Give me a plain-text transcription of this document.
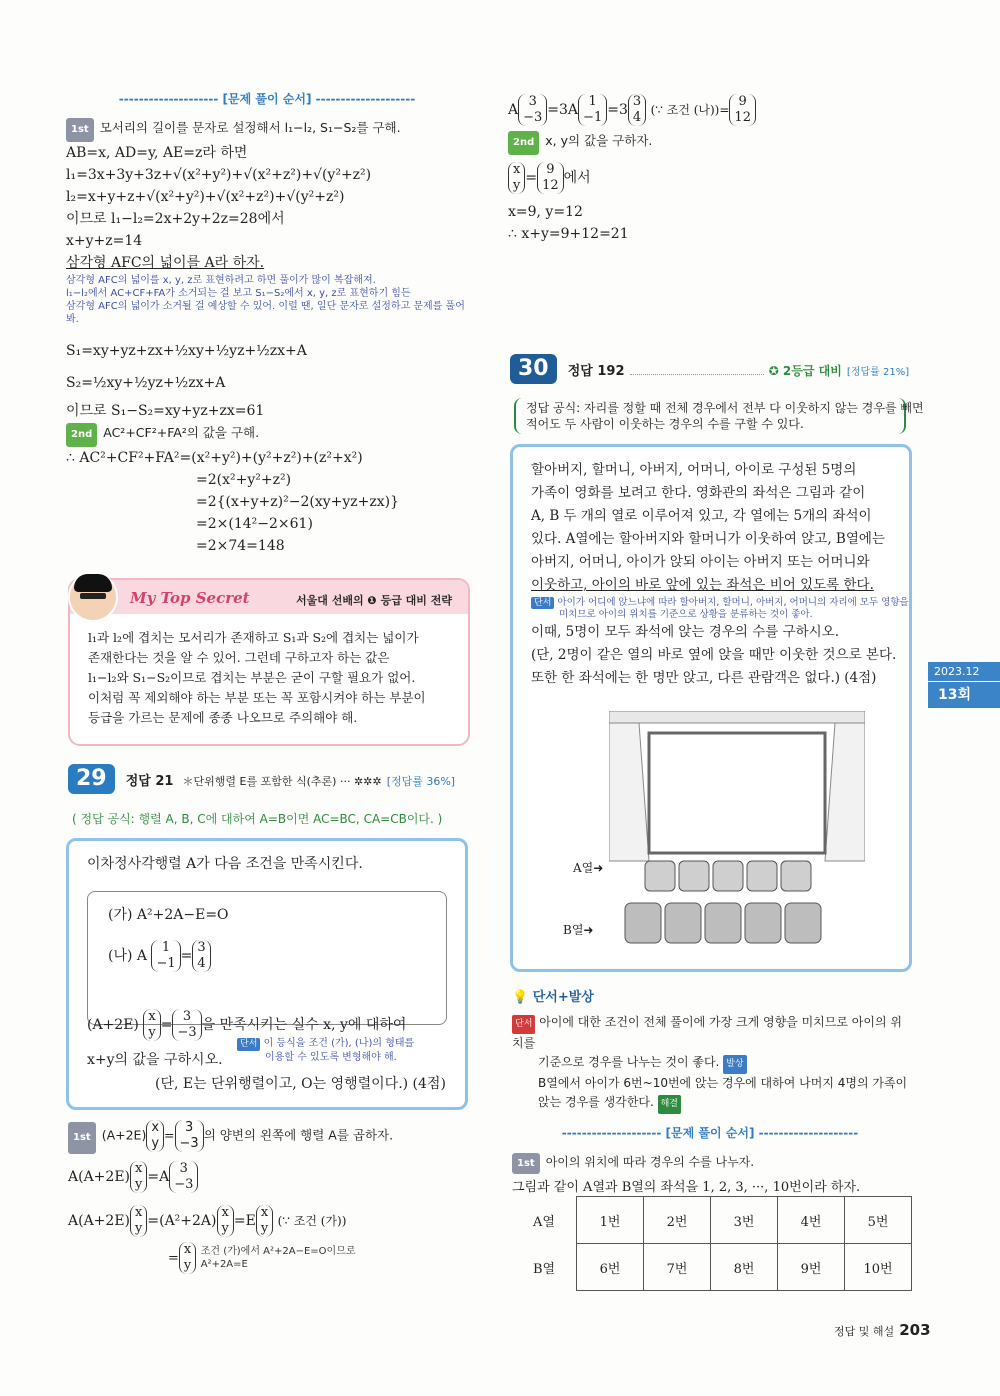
-------------------- [문제 풀이 순서] --------------------
1st 모서리의 길이를 문자로 설정해서 l₁−l₂, S₁−S₂를 구해.
AB=x, AD=y, AE=z라 하면
l₁=3x+3y+3z+√(x²+y²)+√(x²+z²)+√(y²+z²)
l₂=x+y+z+√(x²+y²)+√(x²+z²)+√(y²+z²)
이므로 l₁−l₂=2x+2y+2z=28에서
x+y+z=14
삼각형 AFC의 넓이를 A라 하자.
삼각형 AFC의 넓이를 x, y, z로 표현하려고 하면 풀이가 많이 복잡해져.
l₁−l₂에서 AC+CF+FA가 소거되는 걸 보고 S₁−S₂에서 x, y, z로 표현하기 힘든
삼각형 AFC의 넓이가 소거될 걸 예상할 수 있어. 이럴 땐, 일단 문자로 설정하고 문제를 풀어봐.
S₁=xy+yz+zx+½xy+½yz+½zx+A
S₂=½xy+½yz+½zx+A
이므로 S₁−S₂=xy+yz+zx=61
2nd AC²+CF²+FA²의 값을 구해.
∴ AC²+CF²+FA²=(x²+y²)+(y²+z²)+(z²+x²)
=2(x²+y²+z²)
=2{(x+y+z)²−2(xy+yz+zx)}
=2×(14²−2×61)
=2×74=148
My Top Secret	서울대 선배의 ❶ 등급 대비 전략
l₁과 l₂에 겹치는 모서리가 존재하고 S₁과 S₂에 겹치는 넓이가
존재한다는 것을 알 수 있어. 그런데 구하고자 하는 값은
l₁−l₂와 S₁−S₂이므로 겹치는 부분은 굳이 구할 필요가 없어.
이처럼 꼭 제외해야 하는 부분 또는 꼭 포함시켜야 하는 부분이
등급을 가르는 문제에 종종 나오므로 주의해야 해.
29 정답 21 ＊단위행렬 E를 포함한 식(추론) ··· ✲✲✲ [정답률 36%]
( 정답 공식: 행렬 A, B, C에 대하여 A=B이면 AC=BC, CA=CB이다. )
이차정사각행렬 A가 다음 조건을 만족시킨다.
(가) A²+2A−E=O
(나) A 1
−1 =3
4
(A+2E) x
y =3
−3 을 만족시키는 실수 x, y에 대하여
단서 이 등식을 조건 (가), (나)의 형태를
이용할 수 있도록 변형해야 해.
x+y의 값을 구하시오.
(단, E는 단위행렬이고, O는 영행렬이다.) (4점)
1st (A+2E) x
y= 3
−3의 양변의 왼쪽에 행렬 A를 곱하자.
A(A+2E)x
y =A3
−3
A(A+2E)x
y =(A²+2A)x
y =Ex
y (∵ 조건 (가))
=x
y 조건 (가)에서 A²+2A−E=O이므로
A²+2A=E
A3
−3 =3A1
−1 =33
4 (∵ 조건 (나))=9
12
2nd x, y의 값을 구하자.
x
y =9
12 에서
x=9, y=12
∴ x+y=9+12=21
30 정답 192	✪ 2등급 대비 [정답률 21%]
정답 공식: 자리를 정할 때 전체 경우에서 전부 다 이웃하지 않는 경우를 빼면
적어도 두 사람이 이웃하는 경우의 수를 구할 수 있다.
할아버지, 할머니, 아버지, 어머니, 아이로 구성된 5명의
가족이 영화를 보려고 한다. 영화관의 좌석은 그림과 같이
A, B 두 개의 열로 이루어져 있고, 각 열에는 5개의 좌석이
있다. A열에는 할아버지와 할머니가 이웃하여 앉고, B열에는
아버지, 어머니, 아이가 앉되 아이는 아버지 또는 어머니와
이웃하고, 아이의 바로 앞에 있는 좌석은 비어 있도록 한다.
단서 아이가 어디에 앉느냐에 따라 할아버지, 할머니, 아버지, 어머니의 자리에 모두 영향을
미치므로 아이의 위치를 기준으로 상황을 분류하는 것이 좋아.
이때, 5명이 모두 좌석에 앉는 경우의 수를 구하시오.
(단, 2명이 같은 열의 바로 옆에 앉을 때만 이웃한 것으로 본다.
또한 한 좌석에는 한 명만 앉고, 다른 관람객은 없다.) (4점)
A열➜
B열➜
💡 단서+발상
단서 아이에 대한 조건이 전체 풀이에 가장 크게 영향을 미치므로 아이의 위치를
기준으로 경우를 나누는 것이 좋다. 발상
B열에서 아이가 6번~10번에 앉는 경우에 대하여 나머지 4명의 가족이
앉는 경우를 생각한다. 해결
-------------------- [문제 풀이 순서] --------------------
1st 아이의 위치에 따라 경우의 수를 나누자.
그림과 같이 A열과 B열의 좌석을 1, 2, 3, ···, 10번이라 하자.
A열	1번	2번	3번	4번	5번
B열	6번	7번	8번	9번	10번
2023.12
13회
정답 및 해설 203
